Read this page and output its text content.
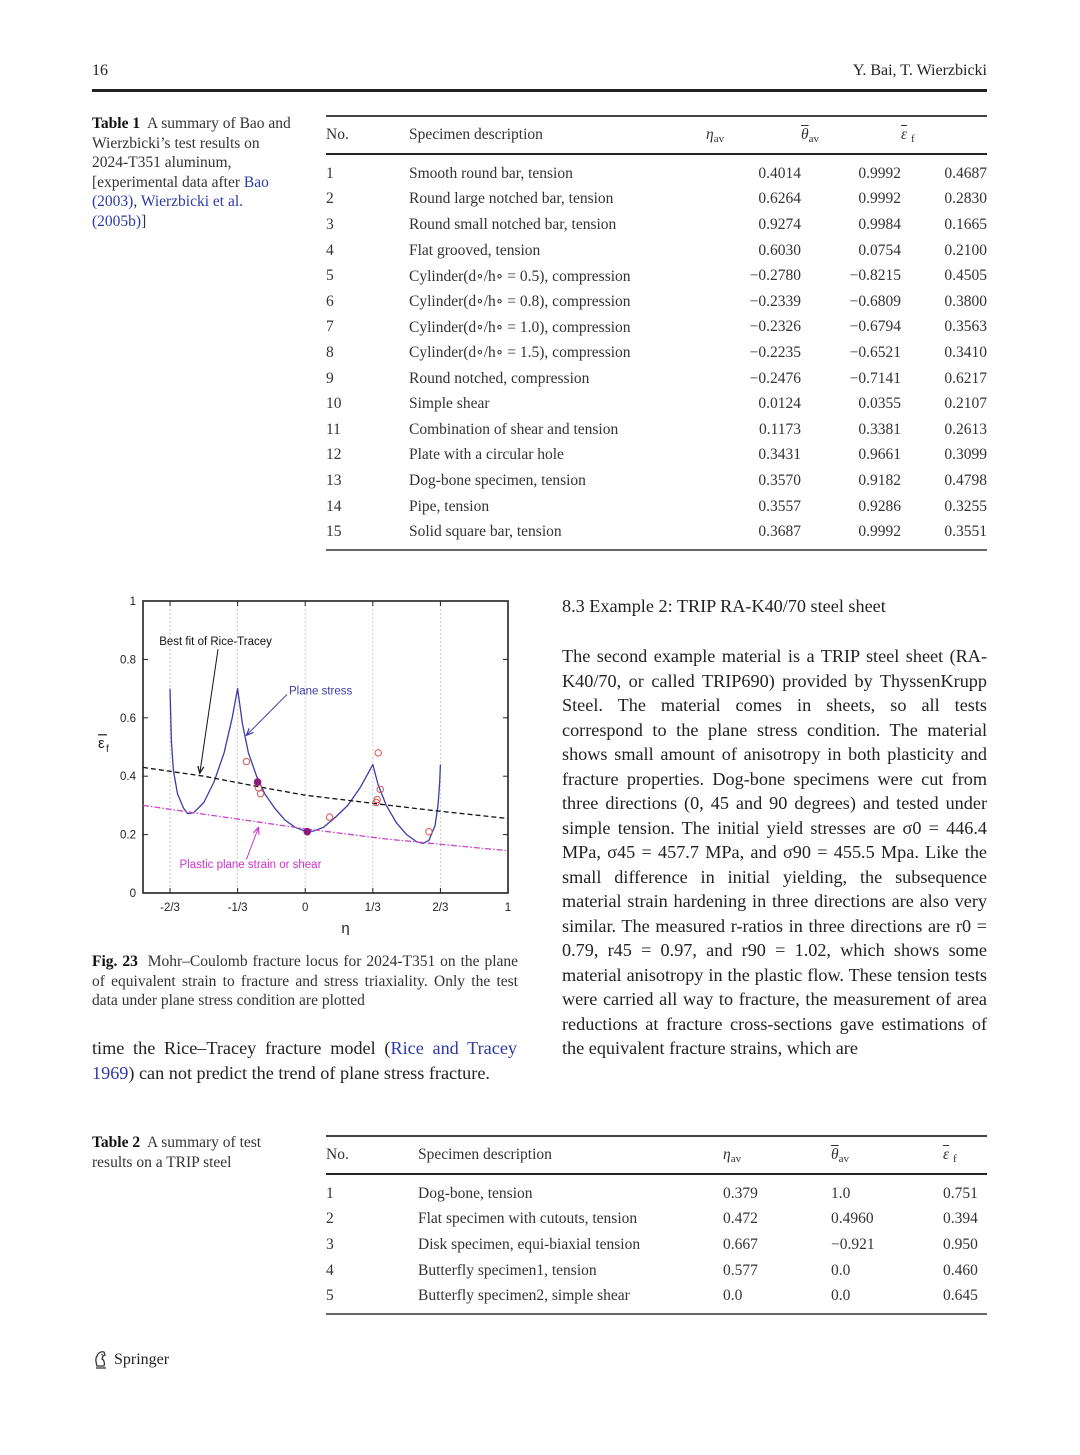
16	Y. Bai, T. Wierzbicki
Table 1 A summary of Bao and Wierzbicki’s test results on 2024-T351 aluminum, [experimental data after Bao (2003), Wierzbicki et al. (2005b)]
No.	Specimen description	$\eta_{av}$	$\overline{\theta}_{av}$	$\overline{\varepsilon}$ $_f$
1	Smooth round bar, tension	0.4014	0.9992	0.4687
2	Round large notched bar, tension	0.6264	0.9992	0.2830
3	Round small notched bar, tension	0.9274	0.9984	0.1665
4	Flat grooved, tension	0.6030	0.0754	0.2100
5	Cylinder(d∘/h∘ = 0.5), compression	−0.2780	−0.8215	0.4505
6	Cylinder(d∘/h∘ = 0.8), compression	−0.2339	−0.6809	0.3800
7	Cylinder(d∘/h∘ = 1.0), compression	−0.2326	−0.6794	0.3563
8	Cylinder(d∘/h∘ = 1.5), compression	−0.2235	−0.6521	0.3410
9	Round notched, compression	−0.2476	−0.7141	0.6217
10	Simple shear	0.0124	0.0355	0.2107
11	Combination of shear and tension	0.1173	0.3381	0.2613
12	Plate with a circular hole	0.3431	0.9661	0.3099
13	Dog-bone specimen, tension	0.3570	0.9182	0.4798
14	Pipe, tension	0.3557	0.9286	0.3255
15	Solid square bar, tension	0.3687	0.9992	0.3551
-2/3	-1/3	0	1/3	2/3	1
0
0.2
0.4
0.6
0.8
1
η
ε f
Best fit of Rice-Tracey
Plane stress
Plastic plane strain or shear
Fig. 23 Mohr–Coulomb fracture locus for 2024-T351 on the plane of equivalent strain to fracture and stress triaxiality. Only the test data under plane stress condition are plotted
time the Rice–Tracey fracture model (Rice and Tracey 1969) can not predict the trend of plane stress fracture.
8.3 Example 2: TRIP RA-K40/70 steel sheet
The second example material is a TRIP steel sheet (RA-K40/70, or called TRIP690) provided by ThyssenKrupp Steel. The material comes in sheets, so all tests correspond to the plane stress condition. The material shows small amount of anisotropy in both plasticity and fracture properties. Dog-bone specimens were cut from three directions (0, 45 and 90 degrees) and tested under simple tension. The initial yield stresses are σ0 = 446.4 MPa, σ45 = 457.7 MPa, and σ90 = 455.5 Mpa. Like the small difference in initial yielding, the subsequence material strain hardening in three directions are also very similar. The measured r-ratios in three directions are r0 = 0.79, r45 = 0.97, and r90 = 1.02, which shows some material anisotropy in the plastic flow. These tension tests were carried all way to fracture, the measurement of area reductions at fracture cross-sections gave estimations of the equivalent fracture strains, which are
Table 2 A summary of test results on a TRIP steel	No.	Specimen description	$\eta_{av}$	$\overline{\theta}_{av}$	$\overline{\varepsilon}$ $_f$
1	Dog-bone, tension	0.379	1.0	0.751
2	Flat specimen with cutouts, tension	0.472	0.4960	0.394
3	Disk specimen, equi-biaxial tension	0.667	−0.921	0.950
4	Butterfly specimen1, tension	0.577	0.0	0.460
5	Butterfly specimen2, simple shear	0.0	0.0	0.645
Springer
